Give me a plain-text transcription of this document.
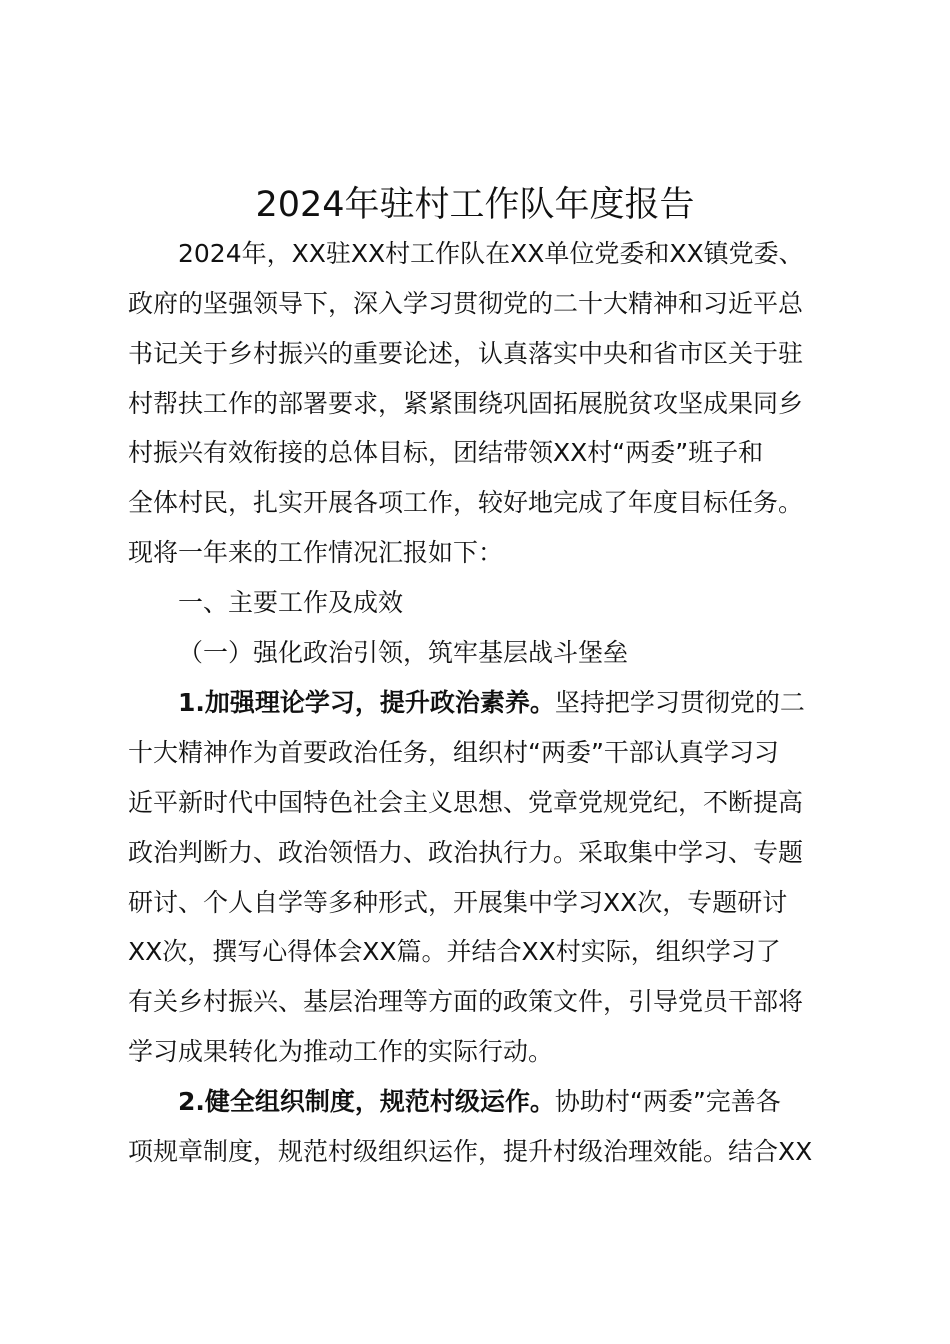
2024年驻村工作队年度报告
2024年，XX驻XX村工作队在XX单位党委和XX镇党委、
政府的坚强领导下，深入学习贯彻党的二十大精神和习近平总
书记关于乡村振兴的重要论述，认真落实中央和省市区关于驻
村帮扶工作的部署要求，紧紧围绕巩固拓展脱贫攻坚成果同乡
村振兴有效衔接的总体目标，团结带领XX村“两委”班子和
全体村民，扎实开展各项工作，较好地完成了年度目标任务。
现将一年来的工作情况汇报如下：
一、主要工作及成效
（一）强化政治引领，筑牢基层战斗堡垒
1.加强理论学习，提升政治素养。坚持把学习贯彻党的二
十大精神作为首要政治任务，组织村“两委”干部认真学习习
近平新时代中国特色社会主义思想、党章党规党纪，不断提高
政治判断力、政治领悟力、政治执行力。采取集中学习、专题
研讨、个人自学等多种形式，开展集中学习XX次，专题研讨
XX次，撰写心得体会XX篇。并结合XX村实际，组织学习了
有关乡村振兴、基层治理等方面的政策文件，引导党员干部将
学习成果转化为推动工作的实际行动。
2.健全组织制度，规范村级运作。协助村“两委”完善各
项规章制度，规范村级组织运作，提升村级治理效能。结合XX
